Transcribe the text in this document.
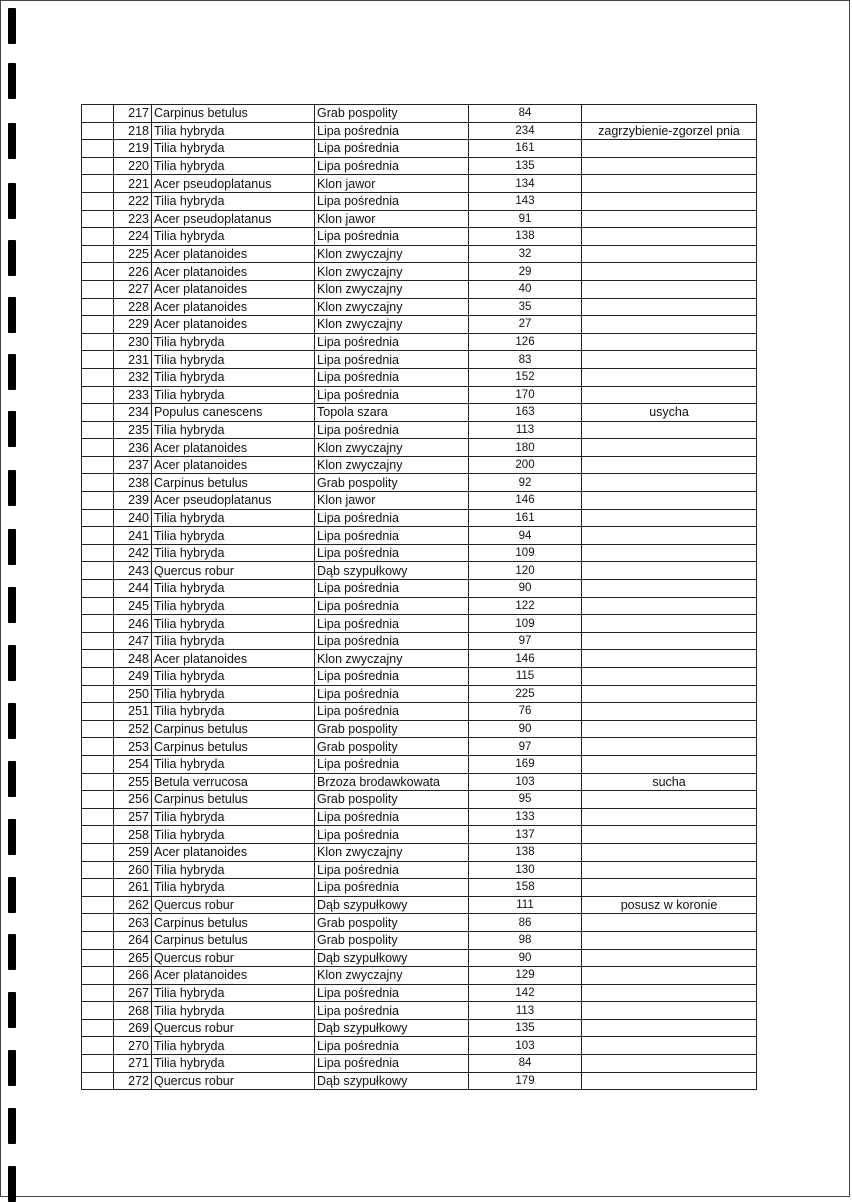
	217	Carpinus betulus	Grab pospolity	84	
	218	Tilia hybryda	Lipa pośrednia	234	zagrzybienie-zgorzel pnia
	219	Tilia hybryda	Lipa pośrednia	161	
	220	Tilia hybryda	Lipa pośrednia	135	
	221	Acer pseudoplatanus	Klon jawor	134	
	222	Tilia hybryda	Lipa pośrednia	143	
	223	Acer pseudoplatanus	Klon jawor	91	
	224	Tilia hybryda	Lipa pośrednia	138	
	225	Acer platanoides	Klon zwyczajny	32	
	226	Acer platanoides	Klon zwyczajny	29	
	227	Acer platanoides	Klon zwyczajny	40	
	228	Acer platanoides	Klon zwyczajny	35	
	229	Acer platanoides	Klon zwyczajny	27	
	230	Tilia hybryda	Lipa pośrednia	126	
	231	Tilia hybryda	Lipa pośrednia	83	
	232	Tilia hybryda	Lipa pośrednia	152	
	233	Tilia hybryda	Lipa pośrednia	170	
	234	Populus canescens	Topola szara	163	usycha
	235	Tilia hybryda	Lipa pośrednia	113	
	236	Acer platanoides	Klon zwyczajny	180	
	237	Acer platanoides	Klon zwyczajny	200	
	238	Carpinus betulus	Grab pospolity	92	
	239	Acer pseudoplatanus	Klon jawor	146	
	240	Tilia hybryda	Lipa pośrednia	161	
	241	Tilia hybryda	Lipa pośrednia	94	
	242	Tilia hybryda	Lipa pośrednia	109	
	243	Quercus robur	Dąb szypułkowy	120	
	244	Tilia hybryda	Lipa pośrednia	90	
	245	Tilia hybryda	Lipa pośrednia	122	
	246	Tilia hybryda	Lipa pośrednia	109	
	247	Tilia hybryda	Lipa pośrednia	97	
	248	Acer platanoides	Klon zwyczajny	146	
	249	Tilia hybryda	Lipa pośrednia	115	
	250	Tilia hybryda	Lipa pośrednia	225	
	251	Tilia hybryda	Lipa pośrednia	76	
	252	Carpinus betulus	Grab pospolity	90	
	253	Carpinus betulus	Grab pospolity	97	
	254	Tilia hybryda	Lipa pośrednia	169	
	255	Betula verrucosa	Brzoza brodawkowata	103	sucha
	256	Carpinus betulus	Grab pospolity	95	
	257	Tilia hybryda	Lipa pośrednia	133	
	258	Tilia hybryda	Lipa pośrednia	137	
	259	Acer platanoides	Klon zwyczajny	138	
	260	Tilia hybryda	Lipa pośrednia	130	
	261	Tilia hybryda	Lipa pośrednia	158	
	262	Quercus robur	Dąb szypułkowy	111	posusz w koronie
	263	Carpinus betulus	Grab pospolity	86	
	264	Carpinus betulus	Grab pospolity	98	
	265	Quercus robur	Dąb szypułkowy	90	
	266	Acer platanoides	Klon zwyczajny	129	
	267	Tilia hybryda	Lipa pośrednia	142	
	268	Tilia hybryda	Lipa pośrednia	113	
	269	Quercus robur	Dąb szypułkowy	135	
	270	Tilia hybryda	Lipa pośrednia	103	
	271	Tilia hybryda	Lipa pośrednia	84	
	272	Quercus robur	Dąb szypułkowy	179	
